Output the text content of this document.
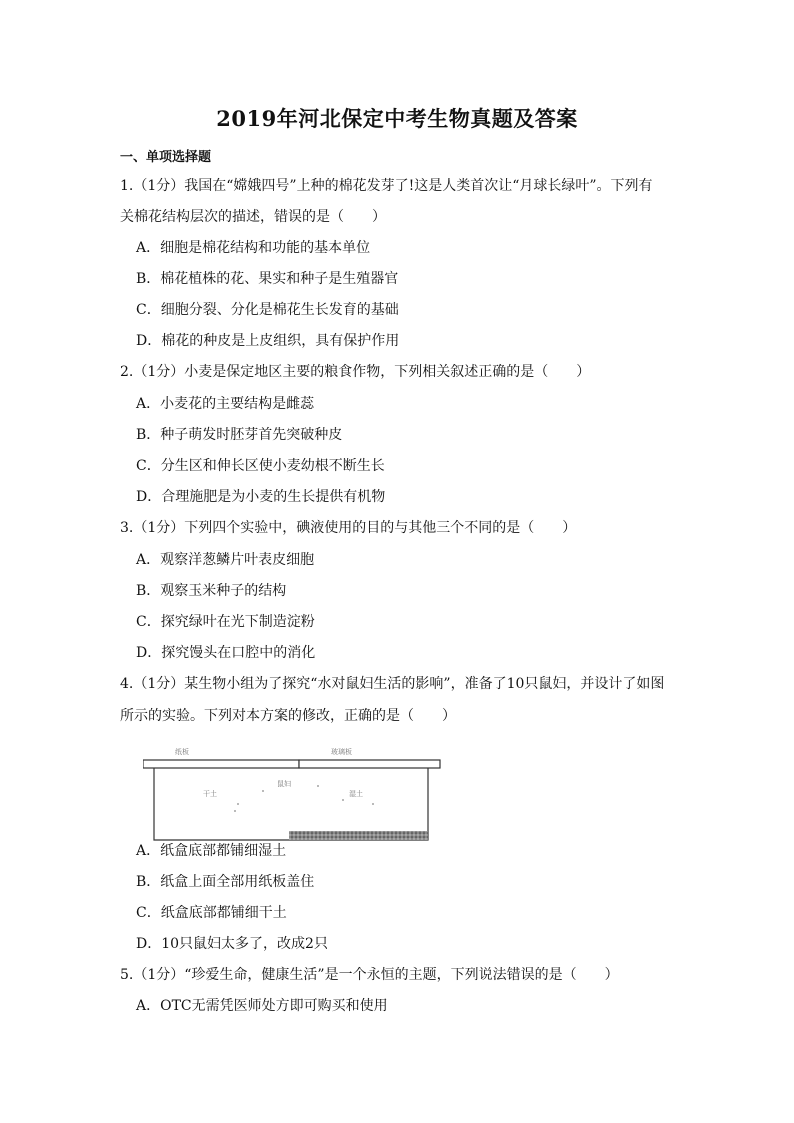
2019年河北保定中考生物真题及答案
一、单项选择题
1.（1分）我国在“嫦娥四号”上种的棉花发芽了!这是人类首次让“月球长绿叶”。下列有
关棉花结构层次的描述，错误的是（　　）
A．细胞是棉花结构和功能的基本单位
B．棉花植株的花、果实和种子是生殖器官
C．细胞分裂、分化是棉花生长发育的基础
D．棉花的种皮是上皮组织，具有保护作用
2.（1分）小麦是保定地区主要的粮食作物，下列相关叙述正确的是（　　）
A．小麦花的主要结构是雌蕊
B．种子萌发时胚芽首先突破种皮
C．分生区和伸长区使小麦幼根不断生长
D．合理施肥是为小麦的生长提供有机物
3.（1分）下列四个实验中，碘液使用的目的与其他三个不同的是（　　）
A．观察洋葱鳞片叶表皮细胞
B．观察玉米种子的结构
C．探究绿叶在光下制造淀粉
D．探究馒头在口腔中的消化
4.（1分）某生物小组为了探究“水对鼠妇生活的影响”，准备了10只鼠妇，并设计了如图
所示的实验。下列对本方案的修改，正确的是（　　）
纸板	玻璃板
鼠妇
干土	湿土
A．纸盒底部都铺细湿土
B．纸盒上面全部用纸板盖住
C．纸盒底部都铺细干土
D．10只鼠妇太多了，改成2只
5.（1分）“珍爱生命，健康生活”是一个永恒的主题，下列说法错误的是（　　）
A．OTC无需凭医师处方即可购买和使用
